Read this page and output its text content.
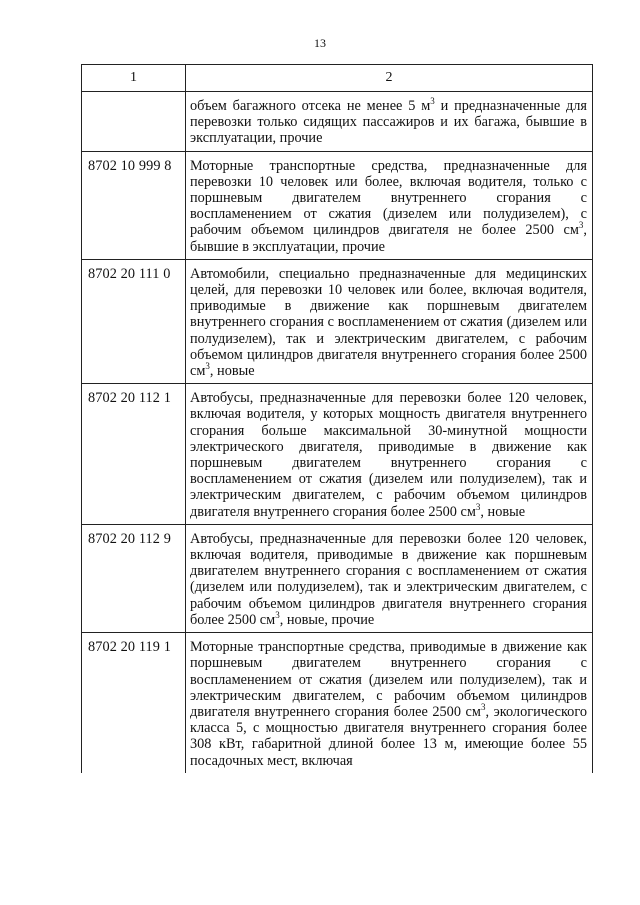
13
1	2
	объем багажного отсека не менее 5 $м^3$ и предназначенные для перевозки только сидящих пассажиров и их багажа, бывшие в эксплуатации, прочие
8702 10 999 8	Моторные транспортные средства, предназначенные для перевозки 10 человек или более, включая водителя, только с поршневым двигателем внутреннего сгорания с воспламенением от сжатия (дизелем или полудизелем), с рабочим объемом цилиндров двигателя не более 2500 $см^3$, бывшие в эксплуатации, прочие
8702 20 111 0	Автомобили, специально предназначенные для медицинских целей, для перевозки 10 человек или более, включая водителя, приводимые в движение как поршневым двигателем внутреннего сгорания с воспламенением от сжатия (дизелем или полудизелем), так и электрическим двигателем, с рабочим объемом цилиндров двигателя внутреннего сгорания более 2500 $см^3$, новые
8702 20 112 1	Автобусы, предназначенные для перевозки более 120 человек, включая водителя, у которых мощность двигателя внутреннего сгорания больше максимальной 30-минутной мощности электрического двигателя, приводимые в движение как поршневым двигателем внутреннего сгорания с воспламенением от сжатия (дизелем или полудизелем), так и электрическим двигателем, с рабочим объемом цилиндров двигателя внутреннего сгорания более 2500 $см^3$, новые
8702 20 112 9	Автобусы, предназначенные для перевозки более 120 человек, включая водителя, приводимые в движение как поршневым двигателем внутреннего сгорания с воспламенением от сжатия (дизелем или полудизелем), так и электрическим двигателем, с рабочим объемом цилиндров двигателя внутреннего сгорания более 2500 $см^3$, новые, прочие
8702 20 119 1	Моторные транспортные средства, приводимые в движение как поршневым двигателем внутреннего сгорания с воспламенением от сжатия (дизелем или полудизелем), так и электрическим двигателем, с рабочим объемом цилиндров двигателя внутреннего сгорания более 2500 $см^3$, экологического класса 5, с мощностью двигателя внутреннего сгорания более 308 кВт, габаритной длиной более 13 м, имеющие более 55 посадочных мест, включая
